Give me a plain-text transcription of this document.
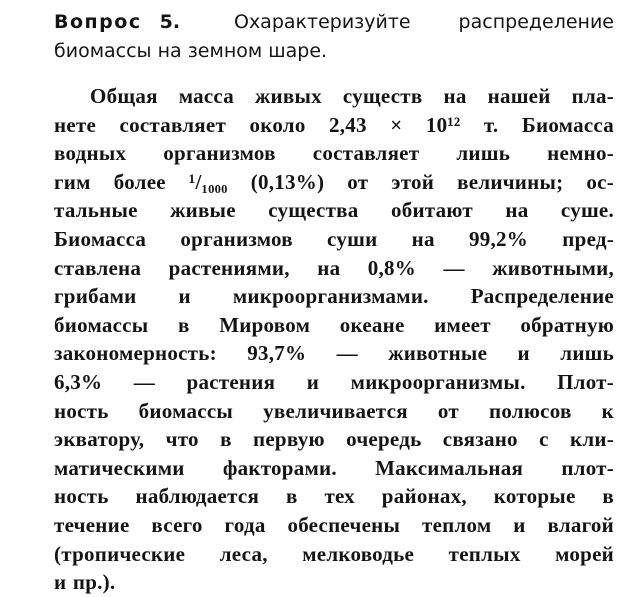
Вопрос 5.	Охарактеризуйте распределение биомассы на земном шаре.
Общая масса живых существ на нашей пла-
нете составляет около 2,43 × 10¹² т. Биомасса
водных организмов составляет лишь немно-
гим более ¹/₁₀₀₀ (0,13%) от этой величины; ос-
тальные живые существа обитают на суше.
Биомасса организмов суши на 99,2% пред-
ставлена растениями, на 0,8% — животными,
грибами и микроорганизмами. Распределение
биомассы в Мировом океане имеет обратную
закономерность: 93,7% — животные и лишь
6,3% — растения и микроорганизмы. Плот-
ность биомассы увеличивается от полюсов к
экватору, что в первую очередь связано с кли-
матическими факторами. Максимальная плот-
ность наблюдается в тех районах, которые в
течение всего года обеспечены теплом и влагой
(тропические леса, мелководье теплых морей
и пр.).
